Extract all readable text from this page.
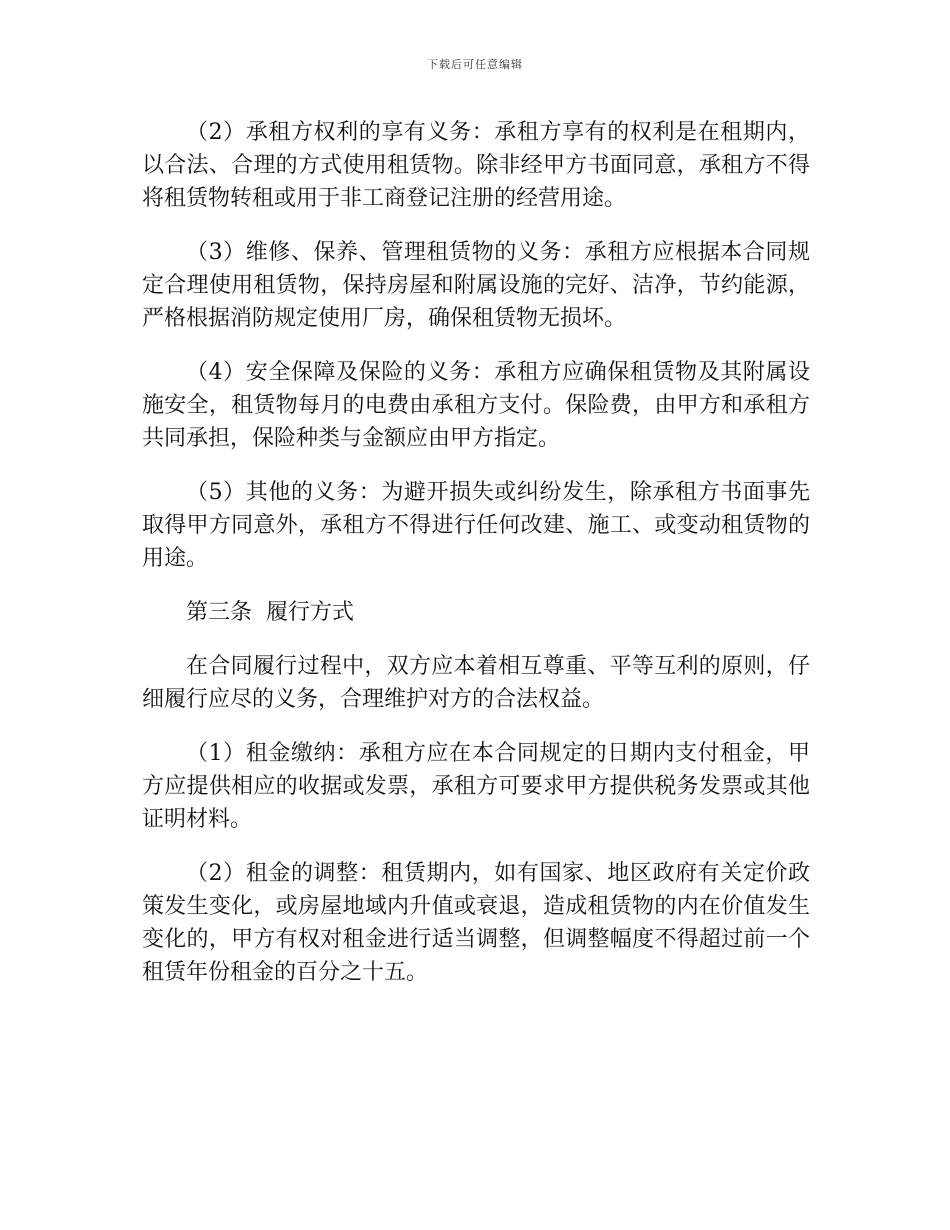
下载后可任意编辑

（2）承租方权利的享有义务：承租方享有的权利是在租期内，以合法、合理的方式使用租赁物。除非经甲方书面同意，承租方不得将租赁物转租或用于非工商登记注册的经营用途。

（3）维修、保养、管理租赁物的义务：承租方应根据本合同规定合理使用租赁物，保持房屋和附属设施的完好、洁净，节约能源，严格根据消防规定使用厂房，确保租赁物无损坏。

（4）安全保障及保险的义务：承租方应确保租赁物及其附属设施安全，租赁物每月的电费由承租方支付。保险费，由甲方和承租方共同承担，保险种类与金额应由甲方指定。

（5）其他的义务：为避开损失或纠纷发生，除承租方书面事先取得甲方同意外，承租方不得进行任何改建、施工、或变动租赁物的用途。

第三条  履行方式

在合同履行过程中，双方应本着相互尊重、平等互利的原则，仔细履行应尽的义务，合理维护对方的合法权益。

（1）租金缴纳：承租方应在本合同规定的日期内支付租金，甲方应提供相应的收据或发票，承租方可要求甲方提供税务发票或其他证明材料。

（2）租金的调整：租赁期内，如有国家、地区政府有关定价政策发生变化，或房屋地域内升值或衰退，造成租赁物的内在价值发生变化的，甲方有权对租金进行适当调整，但调整幅度不得超过前一个租赁年份租金的百分之十五。
